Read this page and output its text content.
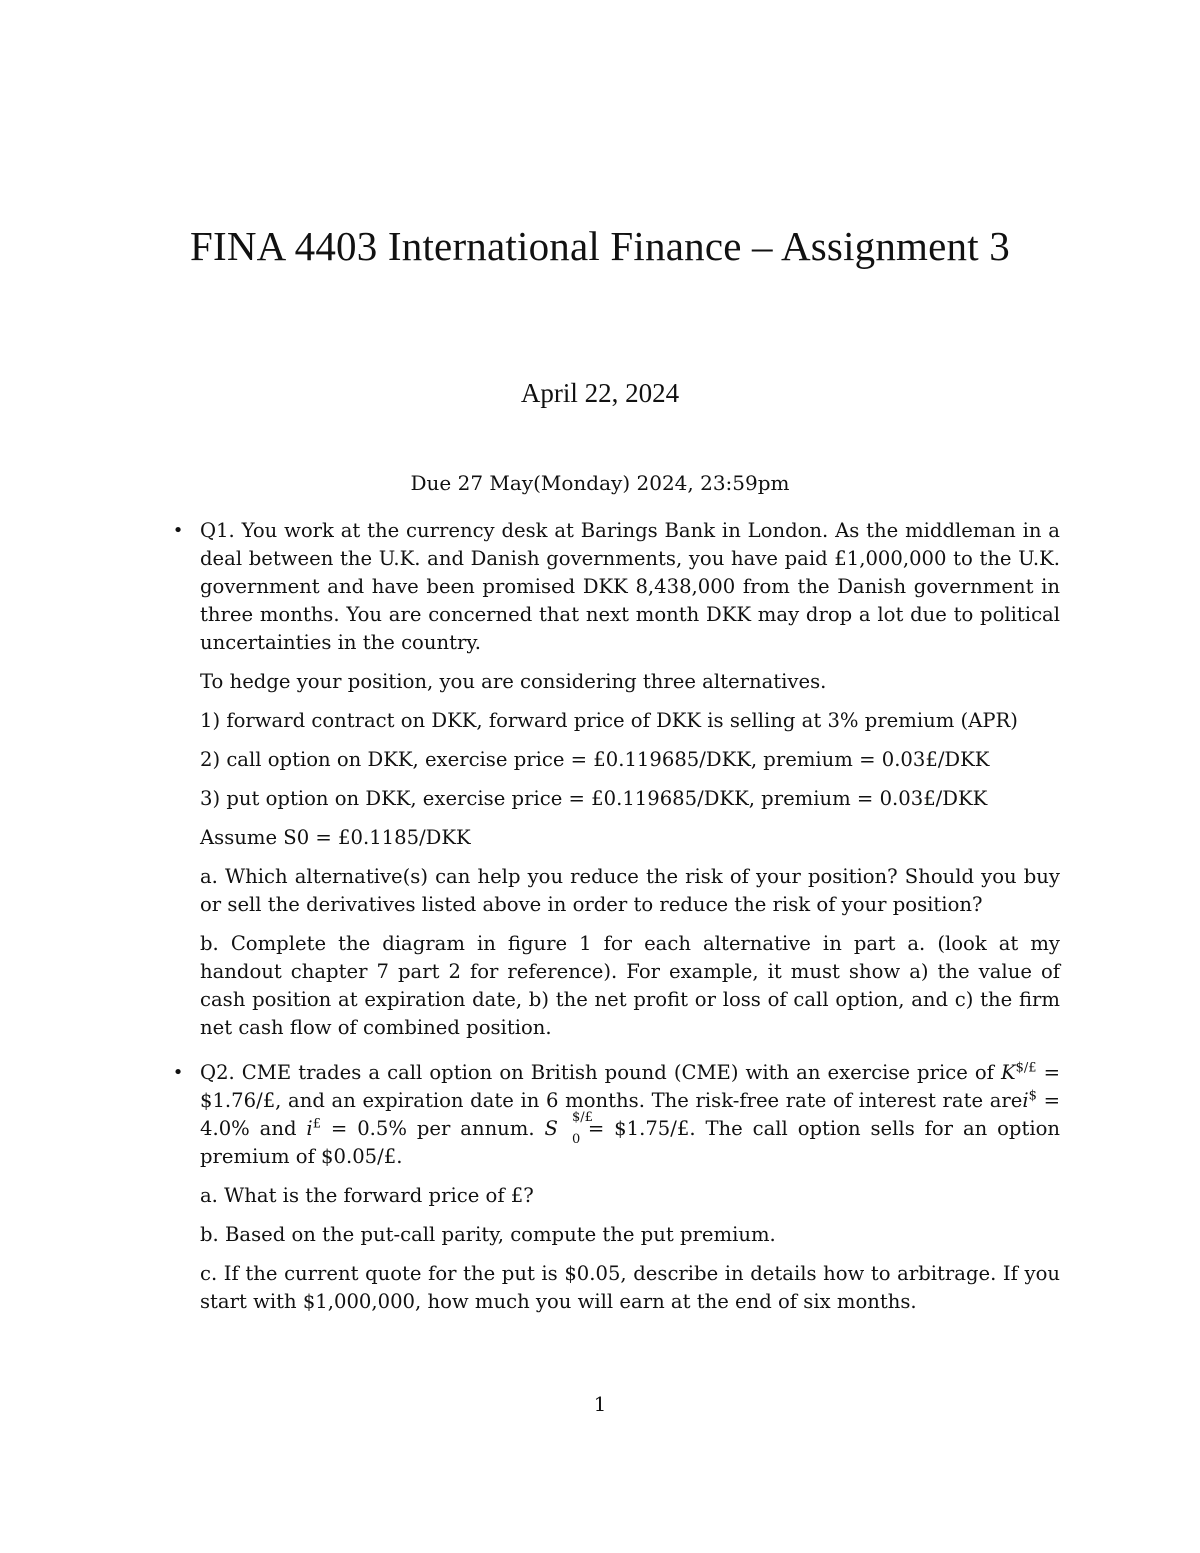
FINA 4403 International Finance – Assignment 3
April 22, 2024
Due 27 May(Monday) 2024, 23:59pm
• Q1. You work at the currency desk at Barings Bank in London. As the middleman in a deal between the U.K. and Danish governments, you have paid £1,000,000 to the U.K. government and have been promised DKK 8,438,000 from the Danish government in three months. You are concerned that next month DKK may drop a lot due to political uncertainties in the country.

To hedge your position, you are considering three alternatives.

1) forward contract on DKK, forward price of DKK is selling at 3% premium (APR)

2) call option on DKK, exercise price = £0.119685/DKK, premium = 0.03£/DKK

3) put option on DKK, exercise price = £0.119685/DKK, premium = 0.03£/DKK

Assume S0 = £0.1185/DKK

a. Which alternative(s) can help you reduce the risk of your position? Should you buy or sell the derivatives listed above in order to reduce the risk of your position?

b. Complete the diagram in figure 1 for each alternative in part a. (look at my handout chapter 7 part 2 for reference). For example, it must show a) the value of cash position at expiration date, b) the net profit or loss of call option, and c) the firm net cash flow of combined position.

• Q2. CME trades a call option on British pound (CME) with an exercise price of K$/£ = $1.76/£, and an expiration date in 6 months. The risk-free rate of interest rate arei$ = 4.0% and i£ = 0.5% per annum. S $/£
0 = $1.75/£. The call option sells for an option premium of $0.05/£.

a. What is the forward price of £?

b. Based on the put-call parity, compute the put premium.

c. If the current quote for the put is $0.05, describe in details how to arbitrage. If you start with $1,000,000, how much you will earn at the end of six months.

1
